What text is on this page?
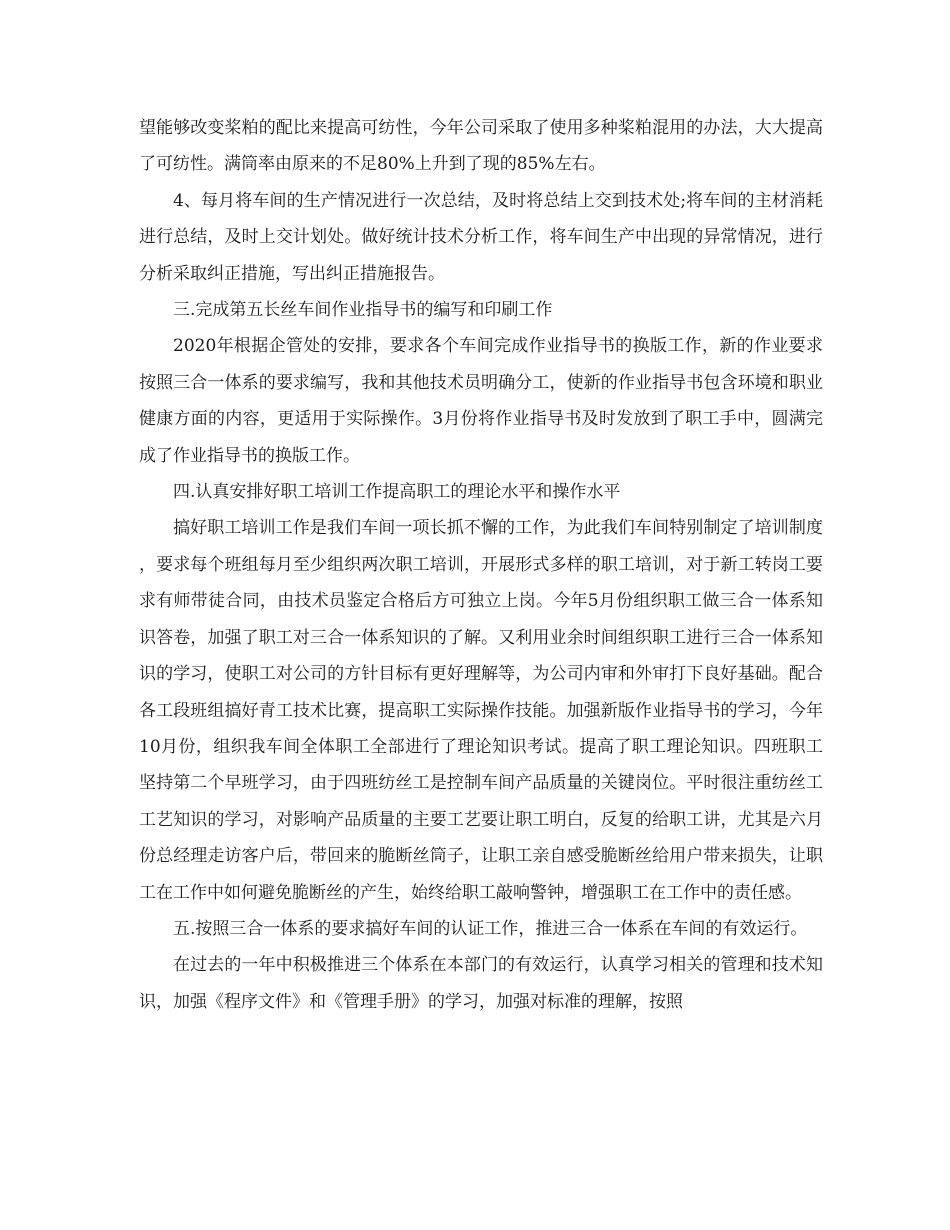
望能够改变桨粕的配比来提高可纺性，今年公司采取了使用多种桨粕混用的办法，大大提高了可纺性。满筒率由原来的不足80%上升到了现的85%左右。

4、每月将车间的生产情况进行一次总结，及时将总结上交到技术处;将车间的主材消耗进行总结，及时上交计划处。做好统计技术分析工作，将车间生产中出现的异常情况，进行分析采取纠正措施，写出纠正措施报告。

三.完成第五长丝车间作业指导书的编写和印刷工作

2020年根据企管处的安排，要求各个车间完成作业指导书的换版工作，新的作业要求按照三合一体系的要求编写，我和其他技术员明确分工，使新的作业指导书包含环境和职业健康方面的内容，更适用于实际操作。3月份将作业指导书及时发放到了职工手中，圆满完成了作业指导书的换版工作。

四.认真安排好职工培训工作提高职工的理论水平和操作水平

搞好职工培训工作是我们车间一项长抓不懈的工作，为此我们车间特别制定了培训制度，要求每个班组每月至少组织两次职工培训，开展形式多样的职工培训，对于新工转岗工要求有师带徒合同，由技术员鉴定合格后方可独立上岗。今年5月份组织职工做三合一体系知识答卷，加强了职工对三合一体系知识的了解。又利用业余时间组织职工进行三合一体系知识的学习，使职工对公司的方针目标有更好理解等，为公司内审和外审打下良好基础。配合各工段班组搞好青工技术比赛，提高职工实际操作技能。加强新版作业指导书的学习，今年10月份，组织我车间全体职工全部进行了理论知识考试。提高了职工理论知识。四班职工坚持第二个早班学习，由于四班纺丝工是控制车间产品质量的关键岗位。平时很注重纺丝工工艺知识的学习，对影响产品质量的主要工艺要让职工明白，反复的给职工讲，尤其是六月份总经理走访客户后，带回来的脆断丝筒子，让职工亲自感受脆断丝给用户带来损失，让职工在工作中如何避免脆断丝的产生，始终给职工敲响警钟，增强职工在工作中的责任感。

五.按照三合一体系的要求搞好车间的认证工作，推进三合一体系在车间的有效运行。

在过去的一年中积极推进三个体系在本部门的有效运行，认真学习相关的管理和技术知识，加强《程序文件》和《管理手册》的学习，加强对标准的理解，按照
